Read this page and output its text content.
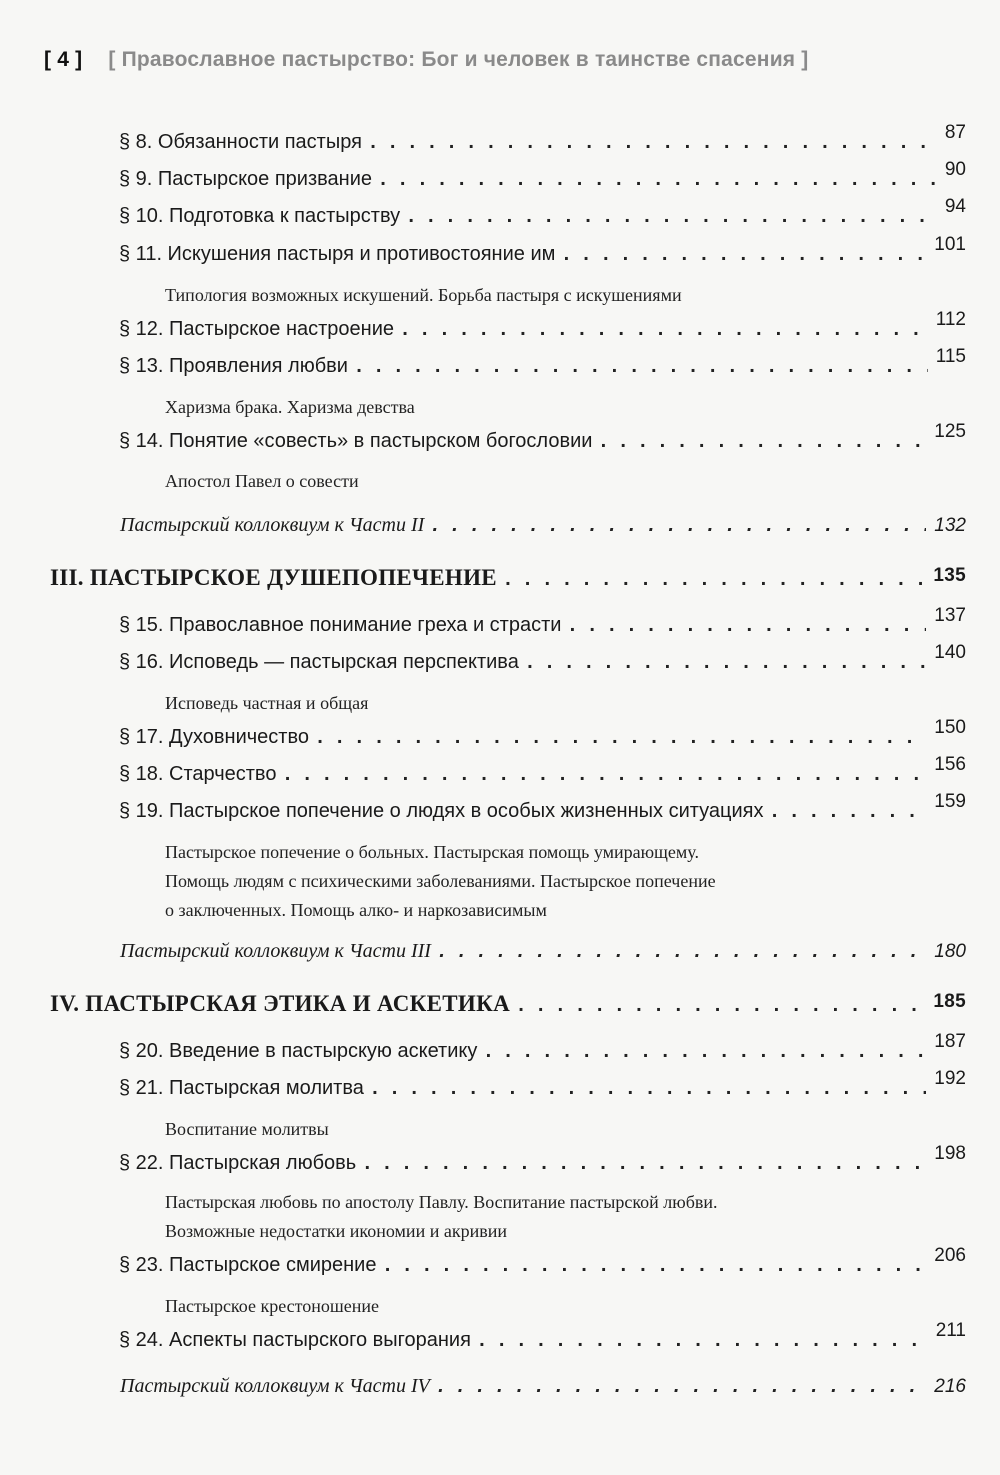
[ 4 ] [ Православное пастырство: Бог и человек в таинстве спасения ]
§ 8. Обязанности пастыря . . .	87
§ 9. Пастырское призвание . . .	90
§ 10. Подготовка к пастырству . . .	94
§ 11. Искушения пастыря и противостояние им . . .	101
Типология возможных искушений. Борьба пастыря с искушениями
§ 12. Пастырское настроение . . .	112
§ 13. Проявления любви . . .	115
Харизма брака. Харизма девства
§ 14. Понятие «совесть» в пастырском богословии . . .	125
Апостол Павел о совести
Пастырский коллоквиум к Части II . . .	132
III. ПАСТЫРСКОЕ ДУШЕПОПЕЧЕНИЕ . . .	135
§ 15. Православное понимание греха и страсти . . .	137
§ 16. Исповедь — пастырская перспектива . . .	140
Исповедь частная и общая
§ 17. Духовничество . . .	150
§ 18. Старчество . . .	156
§ 19. Пастырское попечение о людях в особых жизненных ситуациях . . .	159
Пастырское попечение о больных. Пастырская помощь умирающему.
Помощь людям с психическими заболеваниями. Пастырское попечение
о заключенных. Помощь алко- и наркозависимым
Пастырский коллоквиум к Части III . . .	180
IV. ПАСТЫРСКАЯ ЭТИКА И АСКЕТИКА . . .	185
§ 20. Введение в пастырскую аскетику . . .	187
§ 21. Пастырская молитва . . .	192
Воспитание молитвы
§ 22. Пастырская любовь . . .	198
Пастырская любовь по апостолу Павлу. Воспитание пастырской любви.
Возможные недостатки икономии и акривии
§ 23. Пастырское смирение . . .	206
Пастырское крестоношение
§ 24. Аспекты пастырского выгорания . . .	211
Пастырский коллоквиум к Части IV . . .	216
